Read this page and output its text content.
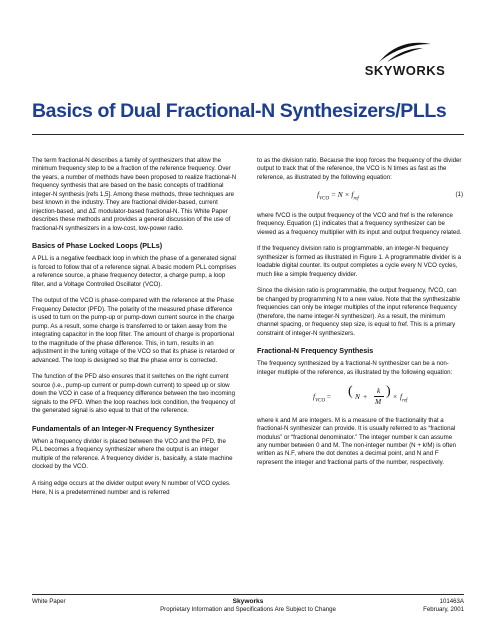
SKYWORKS
Basics of Dual Fractional-N Synthesizers/PLLs

The term fractional-N describes a family of synthesizers that allow the minimum frequency step to be a fraction of the reference frequency. Over the years, a number of methods have been proposed to realize fractional-N frequency synthesis that are based on the basic concepts of traditional integer-N synthesis [refs 1,5]. Among these methods, three techniques are best known in the industry. They are fractional divider-based, current injection-based, and ΔΣ modulator-based fractional-N. This White Paper describes these methods and provides a general discussion of the use of fractional-N synthesizers in a low-cost, low-power radio.

Basics of Phase Locked Loops (PLLs)

A PLL is a negative feedback loop in which the phase of a generated signal is forced to follow that of a reference signal. A basic modern PLL comprises a reference source, a phase frequency detector, a charge pump, a loop filter, and a Voltage Controlled Oscillator (VCO).

The output of the VCO is phase-compared with the reference at the Phase Frequency Detector (PFD). The polarity of the measured phase difference is used to turn on the pump-up or pump-down current source in the charge pump. As a result, some charge is transferred to or taken away from the integrating capacitor in the loop filter. The amount of charge is proportional to the magnitude of the phase difference. This, in turn, results in an adjustment in the tuning voltage of the VCO so that its phase is retarded or advanced. The loop is designed so that the phase error is corrected.

The function of the PFD also ensures that it switches on the right current source (i.e., pump-up current or pump-down current) to speed up or slow down the VCO in case of a frequency difference between the two incoming signals to the PFD. When the loop reaches lock condition, the frequency of the generated signal is also equal to that of the reference.

Fundamentals of an Integer-N Frequency Synthesizer

When a frequency divider is placed between the VCO and the PFD, the PLL becomes a frequency synthesizer where the output is an integer multiple of the reference. A frequency divider is, basically, a state machine clocked by the VCO.

A rising edge occurs at the divider output every N number of VCO cycles. Here, N is a predetermined number and is referred

to as the division ratio. Because the loop forces the frequency of the divider output to track that of the reference, the VCO is N times as fast as the reference, as illustrated by the following equation:

$f_{VCO} = N \times f_{ref}$
(1)

where fVCO is the output frequency of the VCO and fref is the reference frequency. Equation (1) indicates that a frequency synthesizer can be viewed as a frequency multiplier with its input and output frequency related.

If the frequency division ratio is programmable, an integer-N frequency synthesizer is formed as illustrated in Figure 1. A programmable divider is a loadable digital counter. Its output completes a cycle every N VCO cycles, much like a simple frequency divider.

Since the division ratio is programmable, the output frequency, fVCO, can be changed by programming N to a new value. Note that the synthesizable frequencies can only be integer multiples of the input reference frequency (therefore, the name integer-N synthesizer). As a result, the minimum channel spacing, or frequency step size, is equal to fref. This is a primary constraint of integer-N synthesizers.

Fractional-N Frequency Synthesis

The frequency synthesized by a fractional-N synthesizer can be a non-integer multiple of the reference, as illustrated by the following equation:

$f_{VCO}$ = ( N +
k
M
) × $f_{ref}$

where k and M are integers. M is a measure of the fractionality that a fractional-N synthesizer can provide. It is usually referred to as “fractional modulus” or “fractional denominator.” The integer number k can assume any number between 0 and M. The non-integer number (N + k/M) is often written as N.F, where the dot denotes a decimal point, and N and F represent the integer and fractional parts of the number, respectively.

White Paper	Skyworks
Proprietary Information and Specifications Are Subject to Change
101463A
February, 2001
